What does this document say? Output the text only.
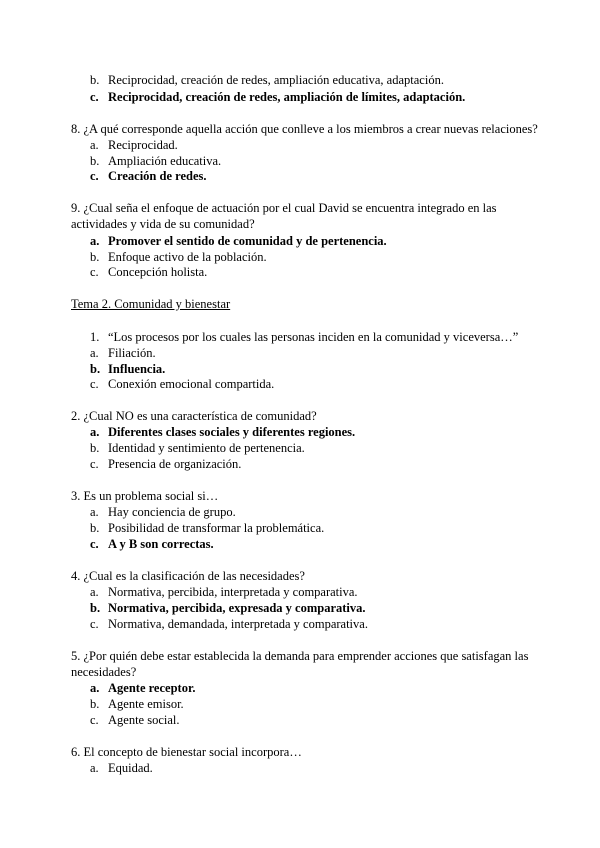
b. Reciprocidad, creación de redes, ampliación educativa, adaptación.
c. Reciprocidad, creación de redes, ampliación de límites, adaptación.
8. ¿A qué corresponde aquella acción que conlleve a los miembros a crear nuevas relaciones?
a. Reciprocidad.
b. Ampliación educativa.
c. Creación de redes.
9. ¿Cual seña el enfoque de actuación por el cual David se encuentra integrado en las actividades y vida de su comunidad?
a. Promover el sentido de comunidad y de pertenencia.
b. Enfoque activo de la población.
c. Concepción holista.
Tema 2. Comunidad y bienestar
1. “Los procesos por los cuales las personas inciden en la comunidad y viceversa…”
a. Filiación.
b. Influencia.
c. Conexión emocional compartida.
2. ¿Cual NO es una característica de comunidad?
a. Diferentes clases sociales y diferentes regiones.
b. Identidad y sentimiento de pertenencia.
c. Presencia de organización.
3. Es un problema social si…
a. Hay conciencia de grupo.
b. Posibilidad de transformar la problemática.
c. A y B son correctas.
4. ¿Cual es la clasificación de las necesidades?
a. Normativa, percibida, interpretada y comparativa.
b. Normativa, percibida, expresada y comparativa.
c. Normativa, demandada, interpretada y comparativa.
5. ¿Por quién debe estar establecida la demanda para emprender acciones que satisfagan las necesidades?
a. Agente receptor.
b. Agente emisor.
c. Agente social.
6. El concepto de bienestar social incorpora…
a. Equidad.
